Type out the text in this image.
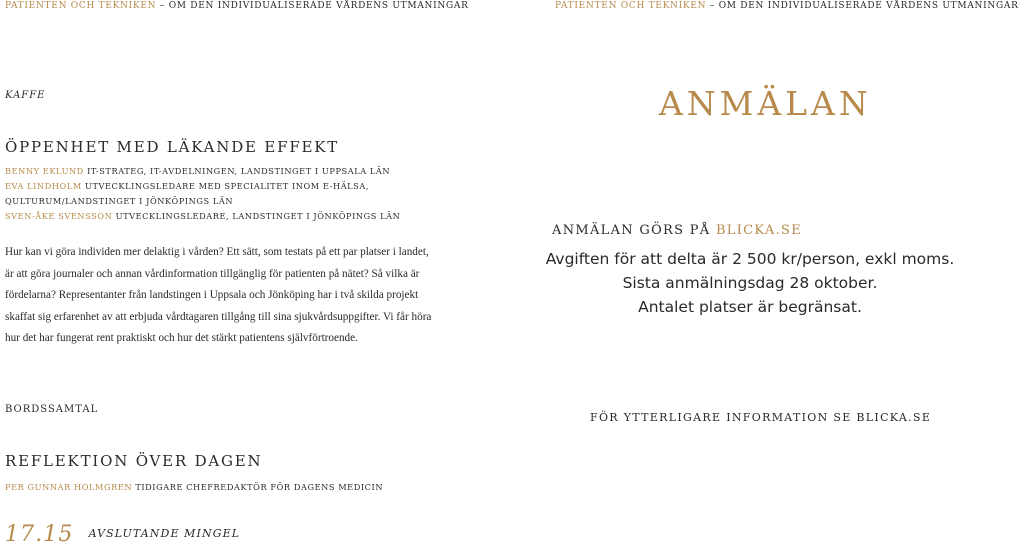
PATIENTEN OCH TEKNIKEN – OM DEN INDIVIDUALISERADE VÅRDENS UTMANINGAR	PATIENTEN OCH TEKNIKEN – OM DEN INDIVIDUALISERADE VÅRDENS UTMANINGAR
KAFFE
ÖPPENHET MED LÄKANDE EFFEKT
BENNY EKLUND IT-STRATEG, IT-AVDELNINGEN, LANDSTINGET I UPPSALA LÄN
EVA LINDHOLM UTVECKLINGSLEDARE MED SPECIALITET INOM E-HÄLSA,
QULTURUM/LANDSTINGET I JÖNKÖPINGS LÄN
SVEN-ÅKE SVENSSON UTVECKLINGSLEDARE, LANDSTINGET I JÖNKÖPINGS LÄN
Hur kan vi göra individen mer delaktig i vården? Ett sätt, som testats på ett par platser i landet, är att göra journaler och annan vårdinformation tillgänglig för patienten på nätet? Så vilka är fördelarna? Representanter från landstingen i Uppsala och Jönköping har i två skilda projekt skaffat sig erfarenhet av att erbjuda vårdtagaren tillgång till sina sjukvårdsuppgifter. Vi får höra hur det har fungerat rent praktiskt och hur det stärkt patientens självförtroende.
BORDSSAMTAL
REFLEKTION ÖVER DAGEN
PER GUNNAR HOLMGREN TIDIGARE CHEFREDAKTÖR FÖR DAGENS MEDICIN
17.15 $^{AVSLUTANDE MINGEL}$
ANMÄLAN
ANMÄLAN GÖRS PÅ BLICKA.SE
Avgiften för att delta är 2 500 kr/person, exkl moms.
Sista anmälningsdag 28 oktober.
Antalet platser är begränsat.
FÖR YTTERLIGARE INFORMATION SE BLICKA.SE
